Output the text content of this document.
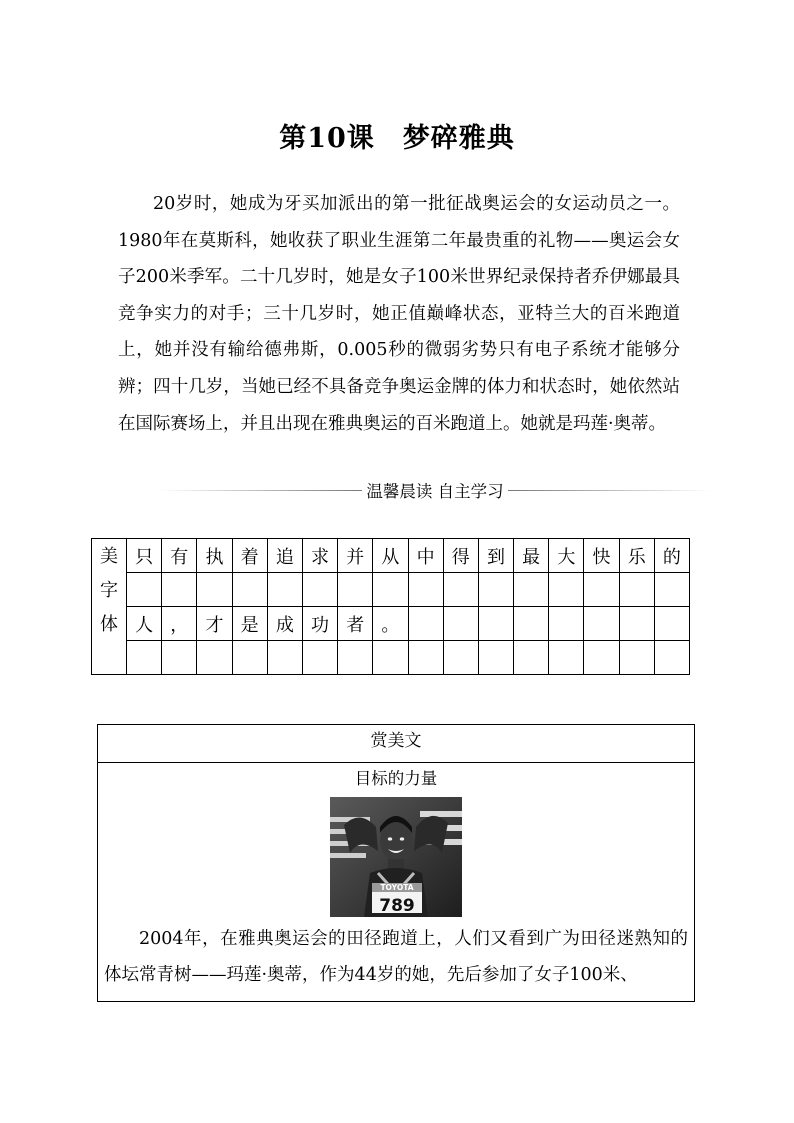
第10课　梦碎雅典

20岁时，她成为牙买加派出的第一批征战奥运会的女运动员之一。1980年在莫斯科，她收获了职业生涯第二年最贵重的礼物——奥运会女子200米季军。二十几岁时，她是女子100米世界纪录保持者乔伊娜最具竞争实力的对手；三十几岁时，她正值巅峰状态，亚特兰大的百米跑道上，她并没有输给德弗斯，0.005秒的微弱劣势只有电子系统才能够分辨；四十几岁，当她已经不具备竞争奥运金牌的体力和状态时，她依然站在国际赛场上，并且出现在雅典奥运的百米跑道上。她就是玛莲·奥蒂。

温馨晨读 自主学习
美
字
体	只	有	执	着	追	求	并	从	中	得	到	最	大	快	乐	的

	人	，	才	是	成	功	者	。								

赏美文
目标的力量
TOYOTA
789

2004年，在雅典奥运会的田径跑道上，人们又看到广为田径迷熟知的体坛常青树——玛莲·奥蒂，作为44岁的她，先后参加了女子100米、
